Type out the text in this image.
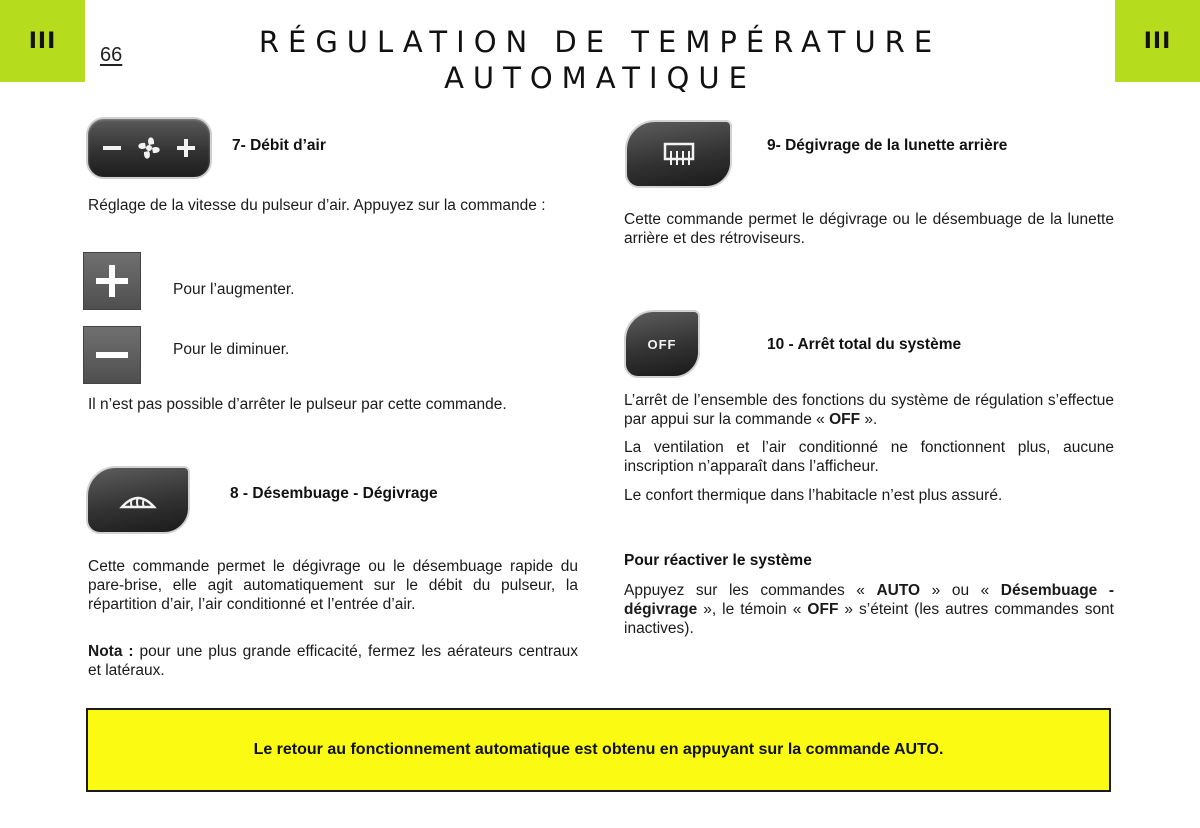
III	III
66	RÉGULATION DE TEMPÉRATURE
AUTOMATIQUE
7- Débit d’air
Réglage de la vitesse du pulseur d’air. Appuyez sur la commande :
Pour l’augmenter.
Pour le diminuer.
Il n’est pas possible d’arrêter le pulseur par cette commande.
8 - Désembuage - Dégivrage
Cette commande permet le dégivrage ou le désembuage rapide du pare-brise, elle agit automatiquement sur le débit du pulseur, la répartition d’air, l’air conditionné et l’entrée d’air.
Nota : pour une plus grande efficacité, fermez les aérateurs centraux et latéraux.
9- Dégivrage de la lunette arrière
Cette commande permet le dégivrage ou le désembuage de la lunette arrière et des rétroviseurs.
OFF	10 - Arrêt total du système
L’arrêt de l’ensemble des fonctions du système de régulation s’effectue par appui sur la commande « OFF ».
La ventilation et l’air conditionné ne fonctionnent plus, aucune inscription n’apparaît dans l’afficheur.
Le confort thermique dans l’habitacle n’est plus assuré.
Pour réactiver le système
Appuyez sur les commandes « AUTO » ou « Désembuage - dégivrage », le témoin « OFF » s’éteint (les autres commandes sont inactives).
Le retour au fonctionnement automatique est obtenu en appuyant sur la commande AUTO.
